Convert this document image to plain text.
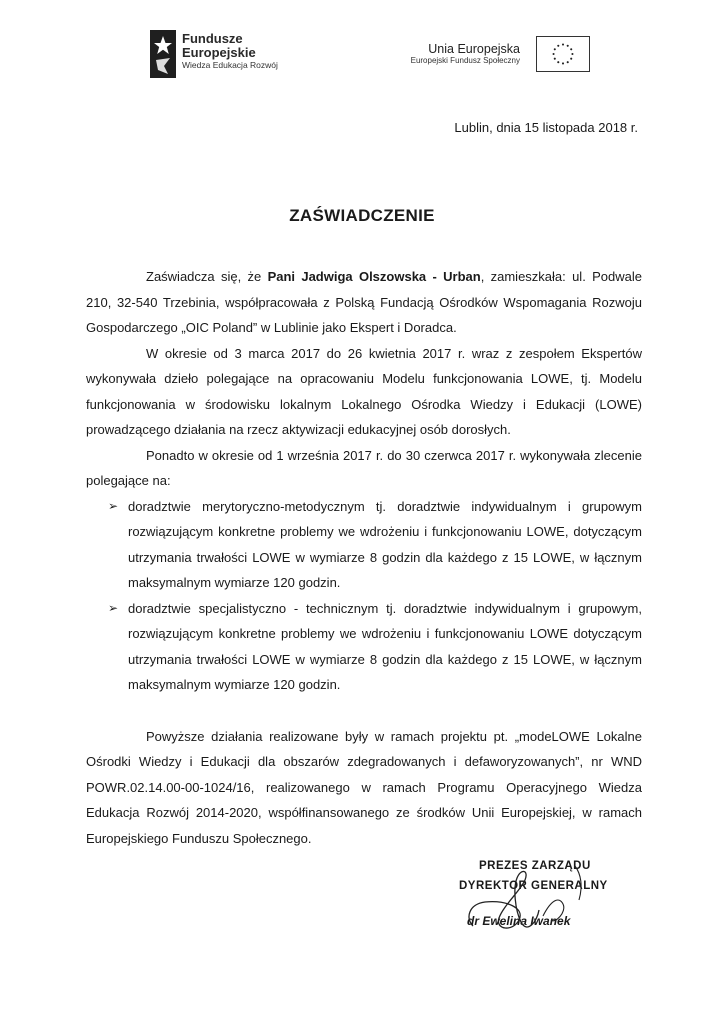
Fundusze
Europejskie
Wiedza Edukacja Rozwój
Unia Europejska
Europejski Fundusz Społeczny
Lublin, dnia 15 listopada 2018 r.
ZAŚWIADCZENIE

Zaświadcza się, że Pani Jadwiga Olszowska - Urban, zamieszkała: ul. Podwale 210, 32-540 Trzebinia, współpracowała z Polską Fundacją Ośrodków Wspomagania Rozwoju Gospodarczego „OIC Poland” w Lublinie jako Ekspert i Doradca.

W okresie od 3 marca 2017 do 26 kwietnia 2017 r. wraz z zespołem Ekspertów wykonywała dzieło polegające na opracowaniu Modelu funkcjonowania LOWE, tj. Modelu funkcjonowania w środowisku lokalnym Lokalnego Ośrodka Wiedzy i Edukacji (LOWE) prowadzącego działania na rzecz aktywizacji edukacyjnej osób dorosłych.

Ponadto w okresie od 1 września 2017 r. do 30 czerwca 2017 r. wykonywała zlecenie polegające na:

➢ doradztwie merytoryczno-metodycznym tj. doradztwie indywidualnym i grupowym rozwiązującym konkretne problemy we wdrożeniu i funkcjonowaniu LOWE, dotyczącym utrzymania trwałości LOWE w wymiarze 8 godzin dla każdego z 15 LOWE, w łącznym maksymalnym wymiarze 120 godzin.
➢ doradztwie specjalistyczno - technicznym tj. doradztwie indywidualnym i grupowym, rozwiązującym konkretne problemy we wdrożeniu i funkcjonowaniu LOWE dotyczącym utrzymania trwałości LOWE w wymiarze 8 godzin dla każdego z 15 LOWE, w łącznym maksymalnym wymiarze 120 godzin.

Powyższe działania realizowane były w ramach projektu pt. „modeLOWE Lokalne Ośrodki Wiedzy i Edukacji dla obszarów zdegradowanych i defaworyzowanych”, nr WND POWR.02.14.00-00-1024/16, realizowanego w ramach Programu Operacyjnego Wiedza Edukacja Rozwój 2014-2020, współfinansowanego ze środków Unii Europejskiej, w ramach Europejskiego Funduszu Społecznego.

PREZES ZARZĄDU
DYREKTOR GENERALNY
dr Ewelina Iwanek
